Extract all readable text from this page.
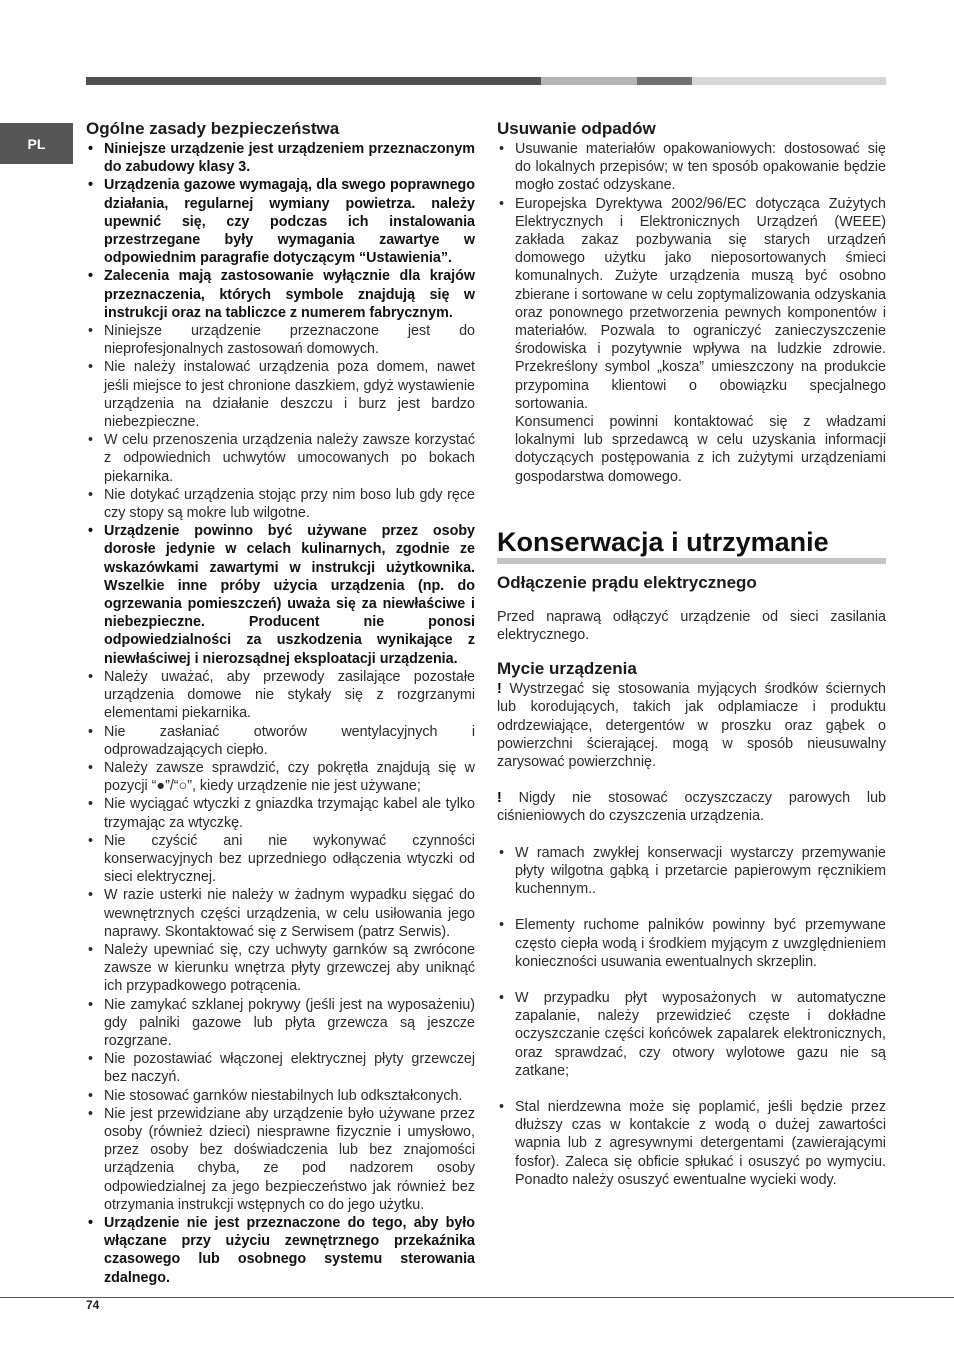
PL
Ogólne zasady bezpieczeństwa
• Niniejsze urządzenie jest urządzeniem przeznaczonym do zabudowy klasy 3.
• Urządzenia gazowe wymagają, dla swego poprawnego działania, regularnej wymiany powietrza. należy upewnić się, czy podczas ich instalowania przestrzegane były wymagania zawartye w odpowiednim paragrafie dotyczącym “Ustawienia”.
• Zalecenia mają zastosowanie wyłącznie dla krajów przeznaczenia, których symbole znajdują się w instrukcji oraz na tabliczce z numerem fabrycznym.
• Niniejsze urządzenie przeznaczone jest do nieprofesjonalnych zastosowań domowych.
• Nie należy instalować urządzenia poza domem, nawet jeśli miejsce to jest chronione daszkiem, gdyż wystawienie urządzenia na działanie deszczu i burz jest bardzo niebezpieczne.
• W celu przenoszenia urządzenia należy zawsze korzystać z odpowiednich uchwytów umocowanych po bokach piekarnika.
• Nie dotykać urządzenia stojąc przy nim boso lub gdy ręce czy stopy są mokre lub wilgotne.
• Urządzenie powinno być używane przez osoby dorosłe jedynie w celach kulinarnych, zgodnie ze wskazówkami zawartymi w instrukcji użytkownika. Wszelkie inne próby użycia urządzenia (np. do ogrzewania pomieszczeń) uważa się za niewłaściwe i niebezpieczne. Producent nie ponosi odpowiedzialności za uszkodzenia wynikające z niewłaściwej i nierozsądnej eksploatacji urządzenia.
• Należy uważać, aby przewody zasilające pozostałe urządzenia domowe nie stykały się z rozgrzanymi elementami piekarnika.
• Nie zasłaniać otworów wentylacyjnych i odprowadzających ciepło.
• Należy zawsze sprawdzić, czy pokrętła znajdują się w pozycji “●”/“○”, kiedy urządzenie nie jest używane;
• Nie wyciągać wtyczki z gniazdka trzymając kabel ale tylko trzymając za wtyczkę.
• Nie czyścić ani nie wykonywać czynności konserwacyjnych bez uprzedniego odłączenia wtyczki od sieci elektrycznej.
• W razie usterki nie należy w żadnym wypadku sięgać do wewnętrznych części urządzenia, w celu usiłowania jego naprawy. Skontaktować się z Serwisem (patrz Serwis).
• Należy upewniać się, czy uchwyty garnków są zwrócone zawsze w kierunku wnętrza płyty grzewczej aby uniknąć ich przypadkowego potrącenia.
• Nie zamykać szklanej pokrywy (jeśli jest na wyposażeniu) gdy palniki gazowe lub płyta grzewcza są jeszcze rozgrzane.
• Nie pozostawiać włączonej elektrycznej płyty grzewczej bez naczyń.
• Nie stosować garnków niestabilnych lub odkształconych.
• Nie jest przewidziane aby urządzenie było używane przez osoby (również dzieci) niesprawne fizycznie i umysłowo, przez osoby bez doświadczenia lub bez znajomości urządzenia chyba, ze pod nadzorem osoby odpowiedzialnej za jego bezpieczeństwo jak również bez otrzymania instrukcji wstępnych co do jego użytku.
• Urządzenie nie jest przeznaczone do tego, aby było włączane przy użyciu zewnętrznego przekaźnika czasowego lub osobnego systemu sterowania zdalnego.
Usuwanie odpadów
• Usuwanie materiałów opakowaniowych: dostosować się do lokalnych przepisów; w ten sposób opakowanie będzie mogło zostać odzyskane.
• Europejska Dyrektywa 2002/96/EC dotycząca Zużytych Elektrycznych i Elektronicznych Urządzeń (WEEE) zakłada zakaz pozbywania się starych urządzeń domowego użytku jako nieposortowanych śmieci komunalnych. Zużyte urządzenia muszą być osobno zbierane i sortowane w celu zoptymalizowania odzyskania oraz ponownego przetworzenia pewnych komponentów i materiałów. Pozwala to ograniczyć zanieczyszczenie środowiska i pozytywnie wpływa na ludzkie zdrowie. Przekreślony symbol „kosza” umieszczony na produkcie przypomina klientowi o obowiązku specjalnego sortowania.

Konsumenci powinni kontaktować się z władzami lokalnymi lub sprzedawcą w celu uzyskania informacji dotyczących postępowania z ich zużytymi urządzeniami gospodarstwa domowego.

Konserwacja i utrzymanie
Odłączenie prądu elektrycznego

Przed naprawą odłączyć urządzenie od sieci zasilania elektrycznego.

Mycie urządzenia

! Wystrzegać się stosowania myjących środków ściernych lub korodujących, takich jak odplamiacze i produktu odrdzewiające, detergentów w proszku oraz gąbek o powierzchni ścierającej. mogą w sposób nieusuwalny zarysować powierzchnię.

! Nigdy nie stosować oczyszczaczy parowych lub ciśnieniowych do czyszczenia urządzenia.

• W ramach zwykłej konserwacji wystarczy przemywanie płyty wilgotna gąbką i przetarcie papierowym ręcznikiem kuchennym..
• Elementy ruchome palników powinny być przemywane często ciepła wodą i środkiem myjącym z uwzględnieniem konieczności usuwania ewentualnych skrzeplin.
• W przypadku płyt wyposażonych w automatyczne zapalanie, należy przewidzieć częste i dokładne oczyszczanie części końcówek zapalarek elektronicznych, oraz sprawdzać, czy otwory wylotowe gazu nie są zatkane;
• Stal nierdzewna może się poplamić, jeśli będzie przez dłuższy czas w kontakcie z wodą o dużej zawartości wapnia lub z agresywnymi detergentami (zawierającymi fosfor). Zaleca się obficie spłukać i osuszyć po wymyciu. Ponadto należy osuszyć ewentualne wycieki wody.
74
